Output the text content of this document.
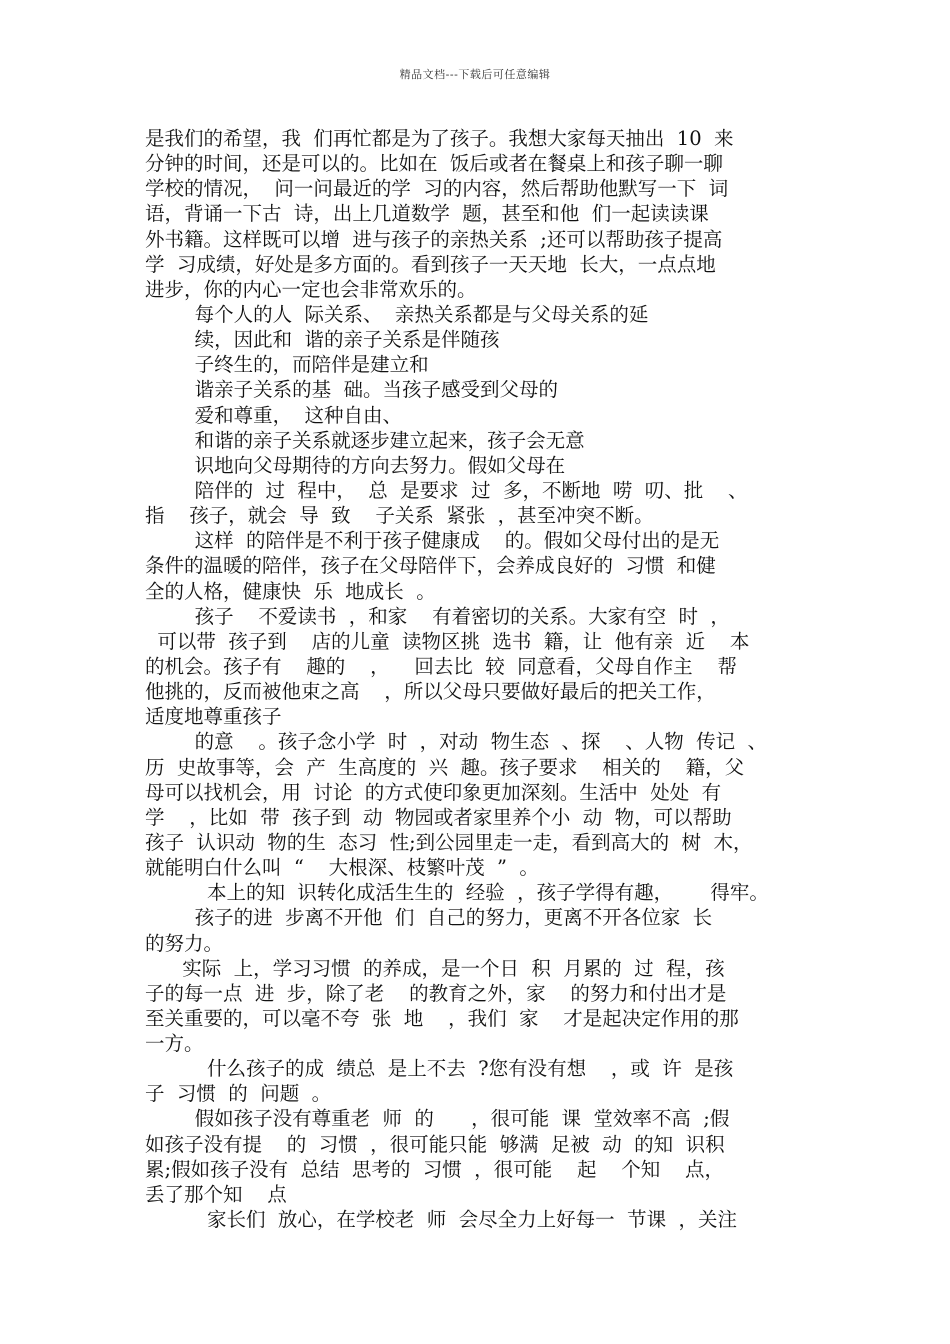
精品文档---下载后可任意编辑
是我们的希望，我  们再忙都是为了孩子。我想大家每天抽出  10  来
分钟的时间，还是可以的。比如在  饭后或者在餐桌上和孩子聊一聊
学校的情况，  问一问最近的学  习的内容，然后帮助他默写一下  词
语，背诵一下古  诗，出上几道数学  题，甚至和他  们一起读读课
外书籍。这样既可以增  进与孩子的亲热关系  ;还可以帮助孩子提高
学  习成绩，好处是多方面的。看到孩子一天天地  长大，一点点地
进步，你的内心一定也会非常欢乐的。
每个人的人  际关系、  亲热关系都是与父母关系的延
续，因此和  谐的亲子关系是伴随孩
子终生的，而陪伴是建立和
谐亲子关系的基  础。当孩子感受到父母的
爱和尊重，  这种自由、
和谐的亲子关系就逐步建立起来，孩子会无意
识地向父母期待的方向去努力。假如父母在
陪伴的  过  程中，  总  是要求  过  多，不断地  唠  叨、批    、
指    孩子，就会  导  致    子关系  紧张  ，甚至冲突不断。
这样  的陪伴是不利于孩子健康成    的。假如父母付出的是无
条件的温暖的陪伴，孩子在父母陪伴下，会养成良好的  习惯  和健
全的人格，健康快  乐  地成长  。
孩子    不爱读书  ，和家    有着密切的关系。大家有空  时  ，
可以带  孩子到    店的儿童  读物区挑  选书  籍，让  他有亲  近    本
的机会。孩子有    趣的    ，    回去比  较  同意看，父母自作主    帮
他挑的，反而被他束之高    ，所以父母只要做好最后的把关工作，
适度地尊重孩子
的意    。孩子念小学  时  ，对动  物生态  、探    、人物  传记  、
历  史故事等，会  产  生高度的  兴  趣。孩子要求    相关的    籍，父
母可以找机会，用  讨论  的方式使印象更加深刻。生活中  处处  有
学    ，比如  带  孩子到  动  物园或者家里养个小  动  物，可以帮助
孩子  认识动  物的生  态习  性;到公园里走一走，看到高大的  树  木，
就能明白什么叫  “    大根深、枝繁叶茂  ”  。
本上的知  识转化成活生生的  经验  ，孩子学得有趣，      得牢。
孩子的进  步离不开他  们  自己的努力，更离不开各位家  长
的努力。
实际  上，学习习惯  的养成，是一个日  积  月累的  过  程，孩
子的每一点  进  步，除了老    的教育之外，家    的努力和付出才是
至关重要的，可以毫不夸  张  地    ，我们  家    才是起决定作用的那
一方。
什么孩子的成  绩总  是上不去  ?您有没有想    ，或  许  是孩
子  习惯  的  问题  。
假如孩子没有尊重老  师  的      ，很可能  课  堂效率不高  ;假
如孩子没有提    的  习惯  ，很可能只能  够满  足被  动  的知  识积
累;假如孩子没有  总结  思考的  习惯  ，很可能    起    个知    点，
丢了那个知    点
家长们  放心，在学校老  师  会尽全力上好每一  节课  ，关注
